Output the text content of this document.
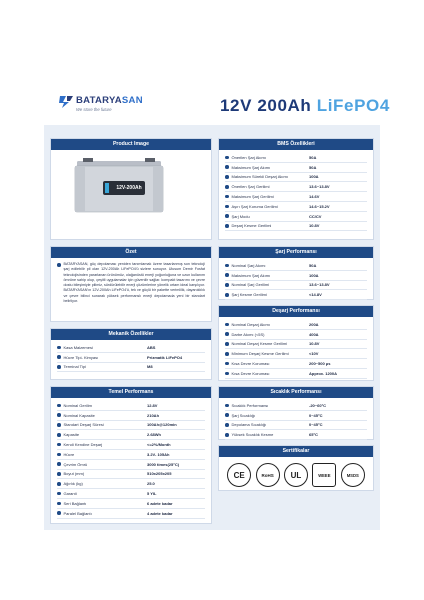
BATARYASAN
We store the future	12V 200Ah LiFePO4
Product Image
12V-200Ah
Özet
BATARYASAN, güç depolaması yeniden tanımlamak üzere tasarlanmış son teknoloji şarj edilebilir pil olan 12V-200Ah LiFePO4'ü sizlere sunuyor. Ulusum Demir Fosfat teknolojisinden yararlanan ürünümüz, olağanüstü enerji yoğunluğuna ve uzun kullanım ömrüne sahip olup, çeşitli uygulamalar için güvenilir sağlar. kompakt tasarımı ve çevre dostu bileşimiyle pilimiz, sürdürülebilir enerji çözümlerine yönelik ortam ideal karşılıyor. BATARYASAN'ın 12V-200Ah LiFePO4'ü, tek ve güçlü bir pakette verimlilik, dayanıklılık ve çevre bilinci sunarak yüksek performanslı enerji depolamada yeni bir standart belirliyor.
Mekanik Özellikler
Kasa Malzemesi	ABS
Hücre Tipi- Kimyası	Prizmatik LiFePO4
Terminal Tipi	M8
Temel Performans
Nominal Gerilim	12.8V
Nominal Kapasite	210Ah
Standart Deşarj Süresi	100Ah@120min
Kapasite	2.68Wh
Kendi Kendine Deşarj	<=2%/Month
Hücre	3.2V- 105Ah
Çevrim Ömrü	3000 times(25°C)
Boyut (mm)	510x205x205
Ağırlık (kg)	25.0
Garanti	5 YIL
Seri Bağlantı	6 adete kadar
Paralel Bağlantı	4 adete kadar
BMS Özellikleri
Önerilen Şarj Akımı	50A
Maksimum Şarj Akımı	50A
Maksimum Sürekli Deşarj Akımı	100A
Önerilen Şarj Gerilimi	13.6~13.8V
Maksimum Şarj Gerilimi	14.6V
Aşırı Şarj Koruma Gerilimi	14.6~15.2V
Şarj Modu	CC/CV
Deşarj Kesme Gerilimi	10.8V
Şarj Performansı
Nominal Şarj Akımı	50A
Maksimum Şarj Akımı	100A
Nominal Şarj Gerilimi	13.6~13.8V
Şarj Kesme Gerilimi	<14.8V
Deşarj Performansı
Nominal Deşarj Akımı	200A
Darbe Akımı (<5S)	400A
Nominal Deşarj Kesme Gerilimi	10.8V
Minimum Deşarj Kesme Gerilimi	<10V
Kısa Devre Koruması	200~500 μs
Kısa Devre Koruması	Approx. 1200A
Sıcaklık Performansı
Sıcaklık Performansı	-20~60°C
Şarj Sıcaklığı	0~45°C
Depolama Sıcaklığı	0~45°C
Yüksek Sıcaklık Kesme	65°C
Sertifikalar
CE	RoHS	UL	WEEE	MSDS
